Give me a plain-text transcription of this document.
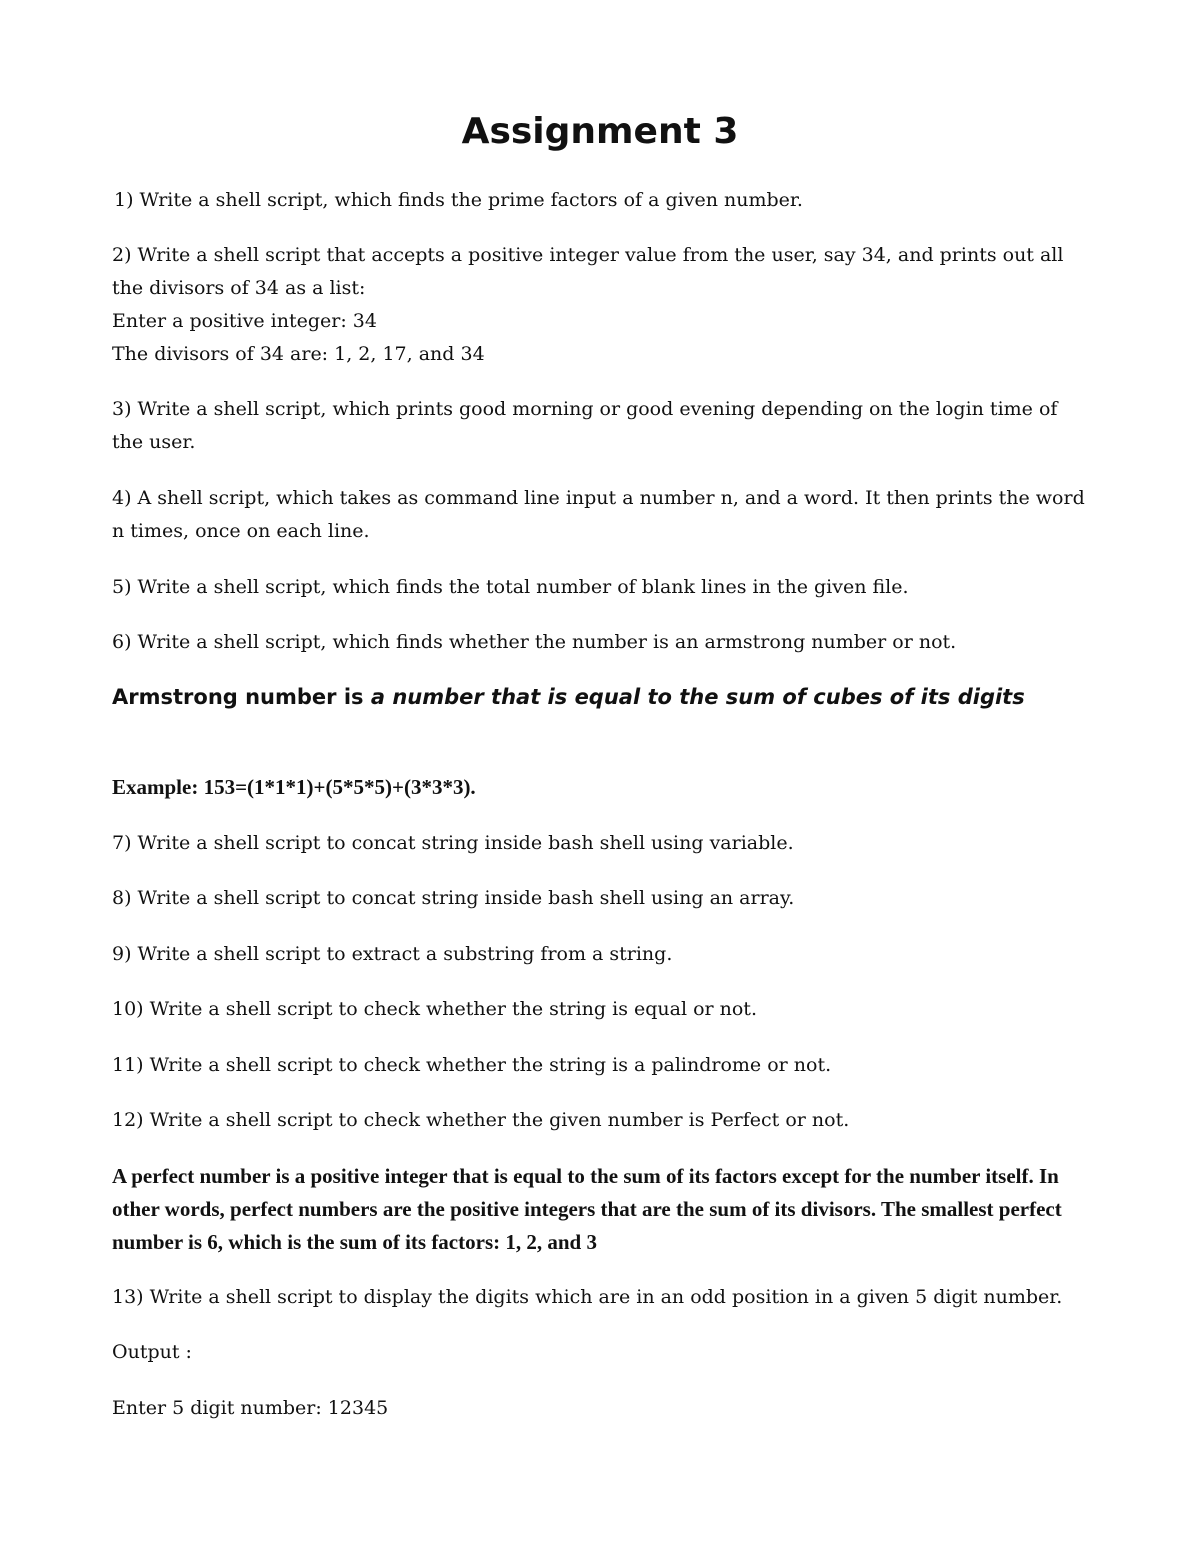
Assignment 3

1) Write a shell script, which finds the prime factors of a given number.

2) Write a shell script that accepts a positive integer value from the user, say 34, and prints out all the divisors of 34 as a list:

Enter a positive integer: 34

The divisors of 34 are: 1, 2, 17, and 34

3) Write a shell script, which prints good morning or good evening depending on the login time of the user.

4) A shell script, which takes as command line input a number n, and a word. It then prints the word n times, once on each line.

5) Write a shell script, which finds the total number of blank lines in the given file.

6) Write a shell script, which finds whether the number is an armstrong number or not.

Armstrong number is a number that is equal to the sum of cubes of its digits

Example: 153=(1*1*1)+(5*5*5)+(3*3*3).

7) Write a shell script to concat string inside bash shell using variable.

8) Write a shell script to concat string inside bash shell using an array.

9) Write a shell script to extract a substring from a string.

10) Write a shell script to check whether the string is equal or not.

11) Write a shell script to check whether the string is a palindrome or not.

12) Write a shell script to check whether the given number is Perfect or not.

A perfect number is a positive integer that is equal to the sum of its factors except for the number itself. In other words, perfect numbers are the positive integers that are the sum of its divisors. The smallest perfect number is 6, which is the sum of its factors: 1, 2, and 3

13) Write a shell script to display the digits which are in an odd position in a given 5 digit number.

Output :

Enter 5 digit number: 12345
